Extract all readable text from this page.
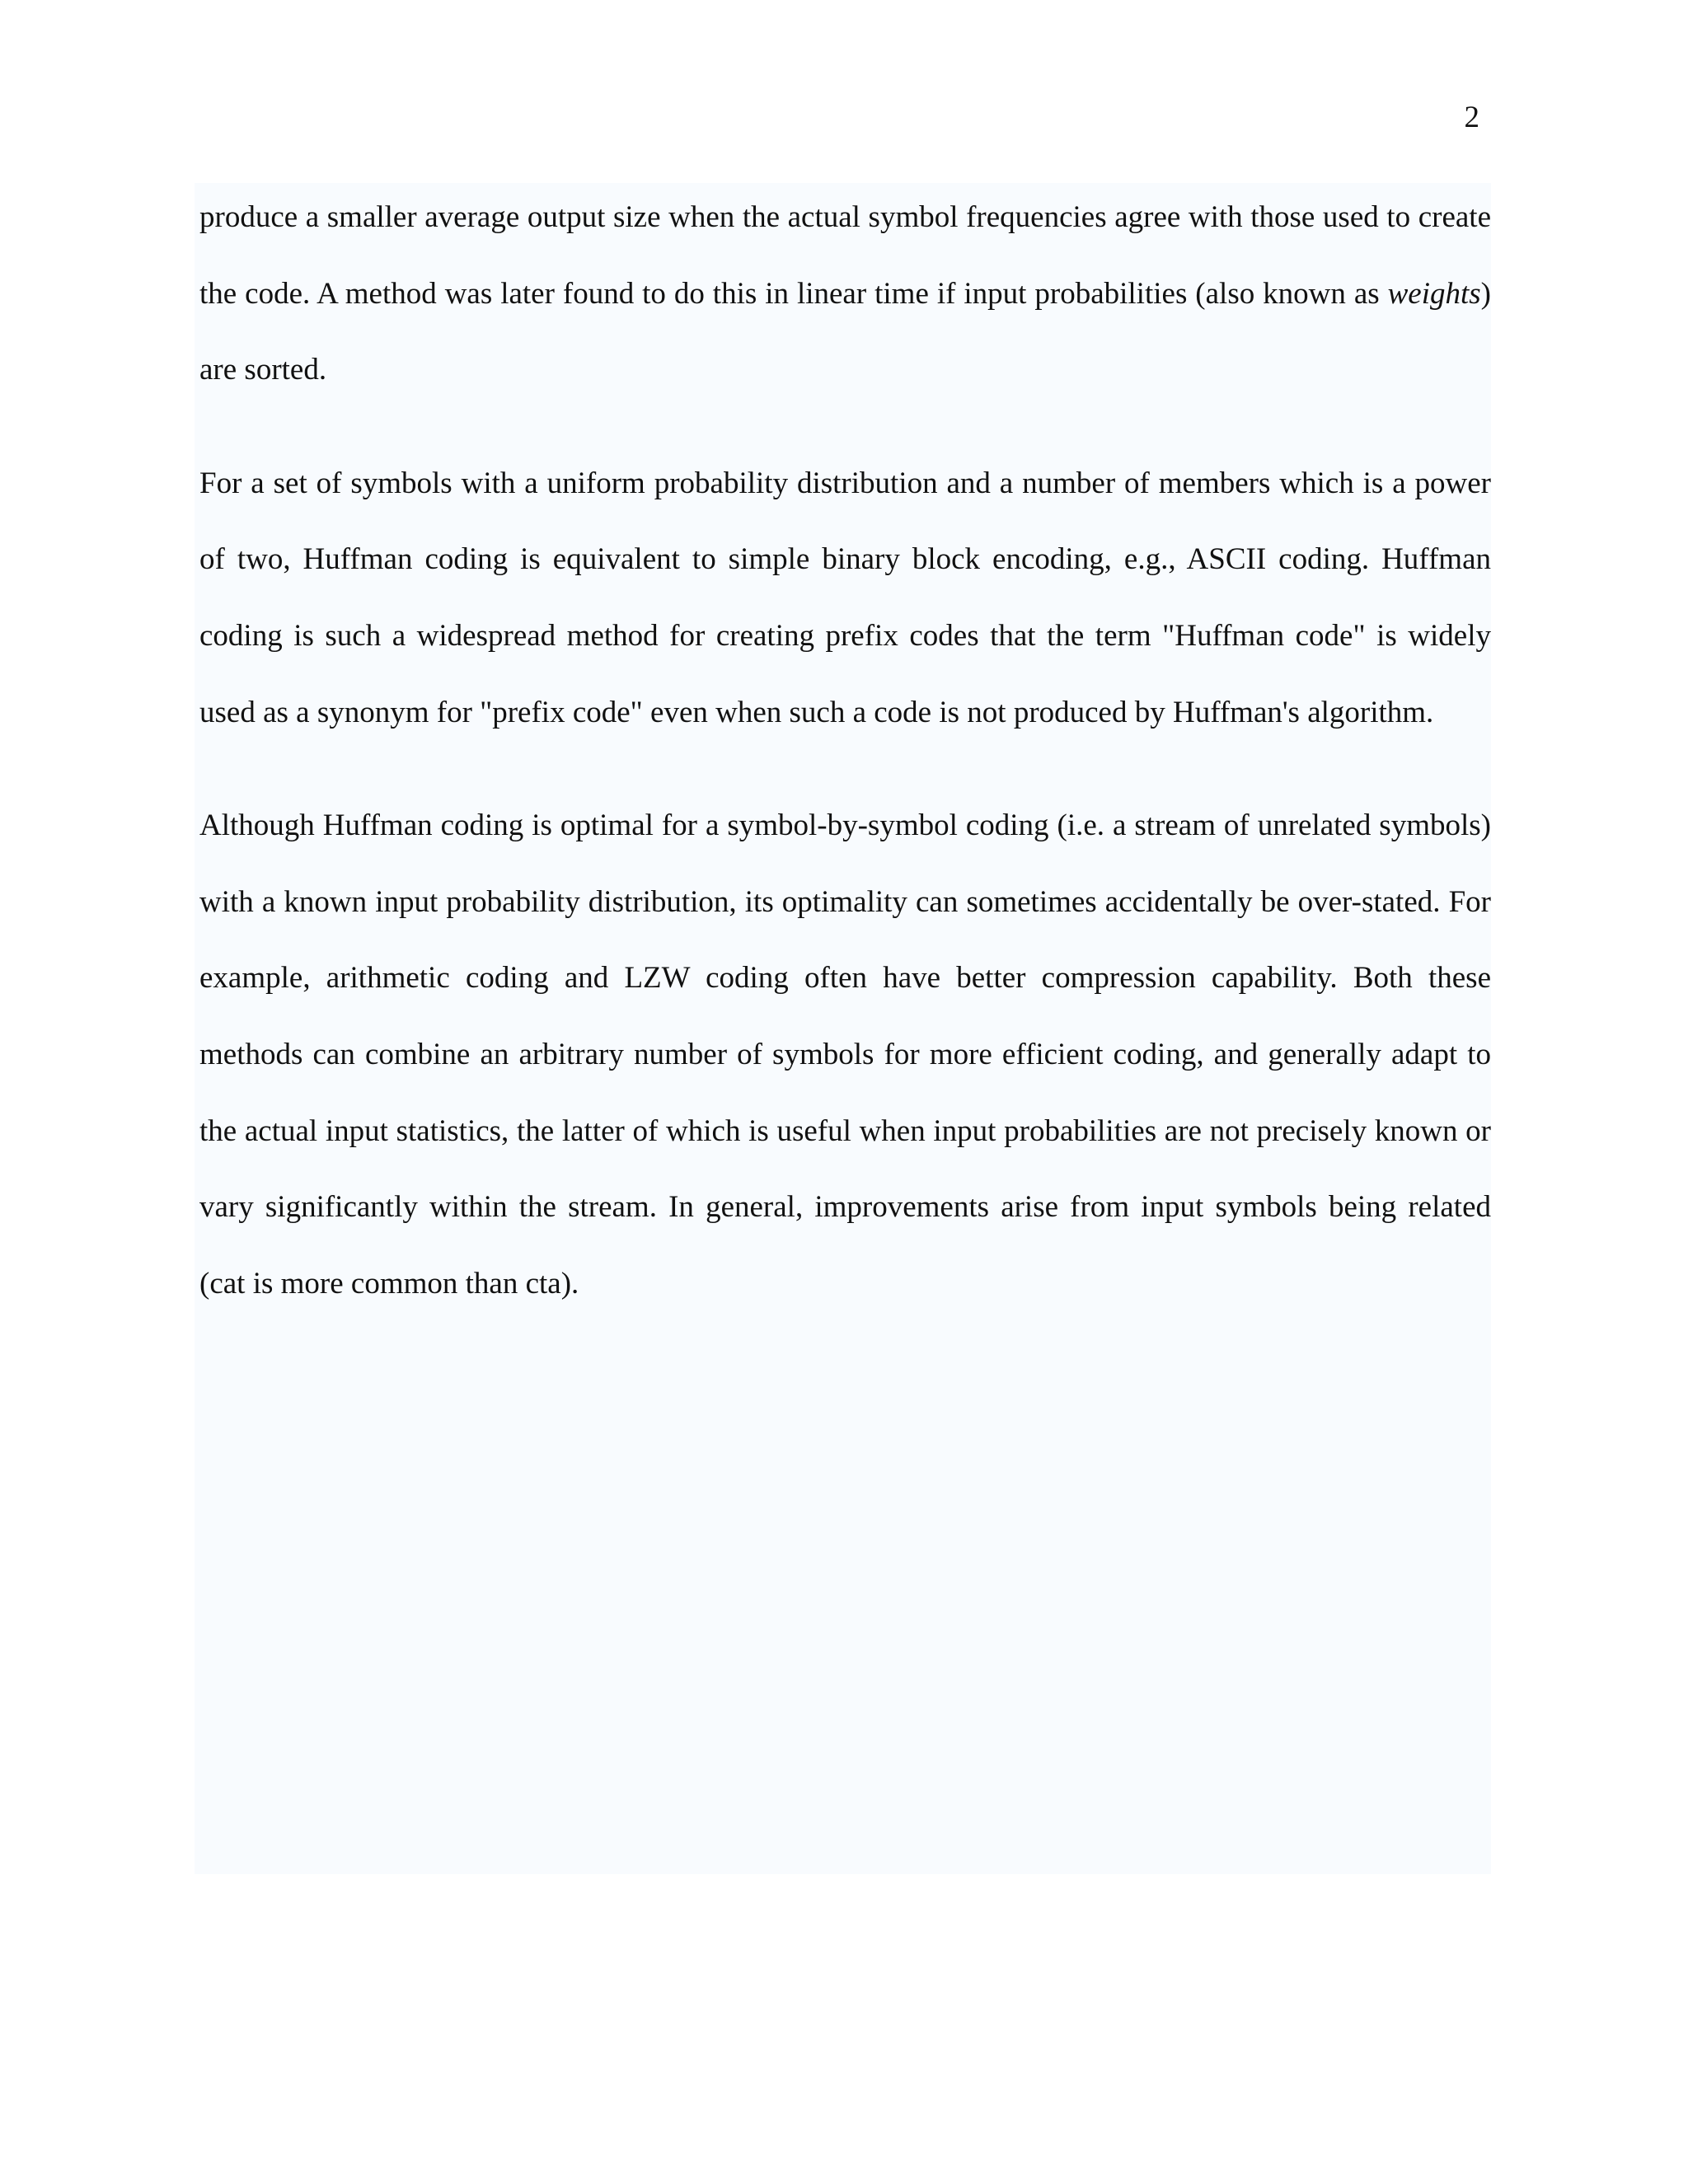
2

produce a smaller average output size when the actual symbol frequencies agree with those used to create the code. A method was later found to do this in linear time if input probabilities (also known as weights) are sorted.

For a set of symbols with a uniform probability distribution and a number of members which is a power of two, Huffman coding is equivalent to simple binary block encoding, e.g., ASCII coding. Huffman coding is such a widespread method for creating prefix codes that the term "Huffman code" is widely used as a synonym for "prefix code" even when such a code is not produced by Huffman's algorithm.

Although Huffman coding is optimal for a symbol-by-symbol coding (i.e. a stream of unrelated symbols) with a known input probability distribution, its optimality can sometimes accidentally be over-stated. For example, arithmetic coding and LZW coding often have better compression capability. Both these methods can combine an arbitrary number of symbols for more efficient coding, and generally adapt to the actual input statistics, the latter of which is useful when input probabilities are not precisely known or vary significantly within the stream. In general, improvements arise from input symbols being related (cat is more common than cta).
